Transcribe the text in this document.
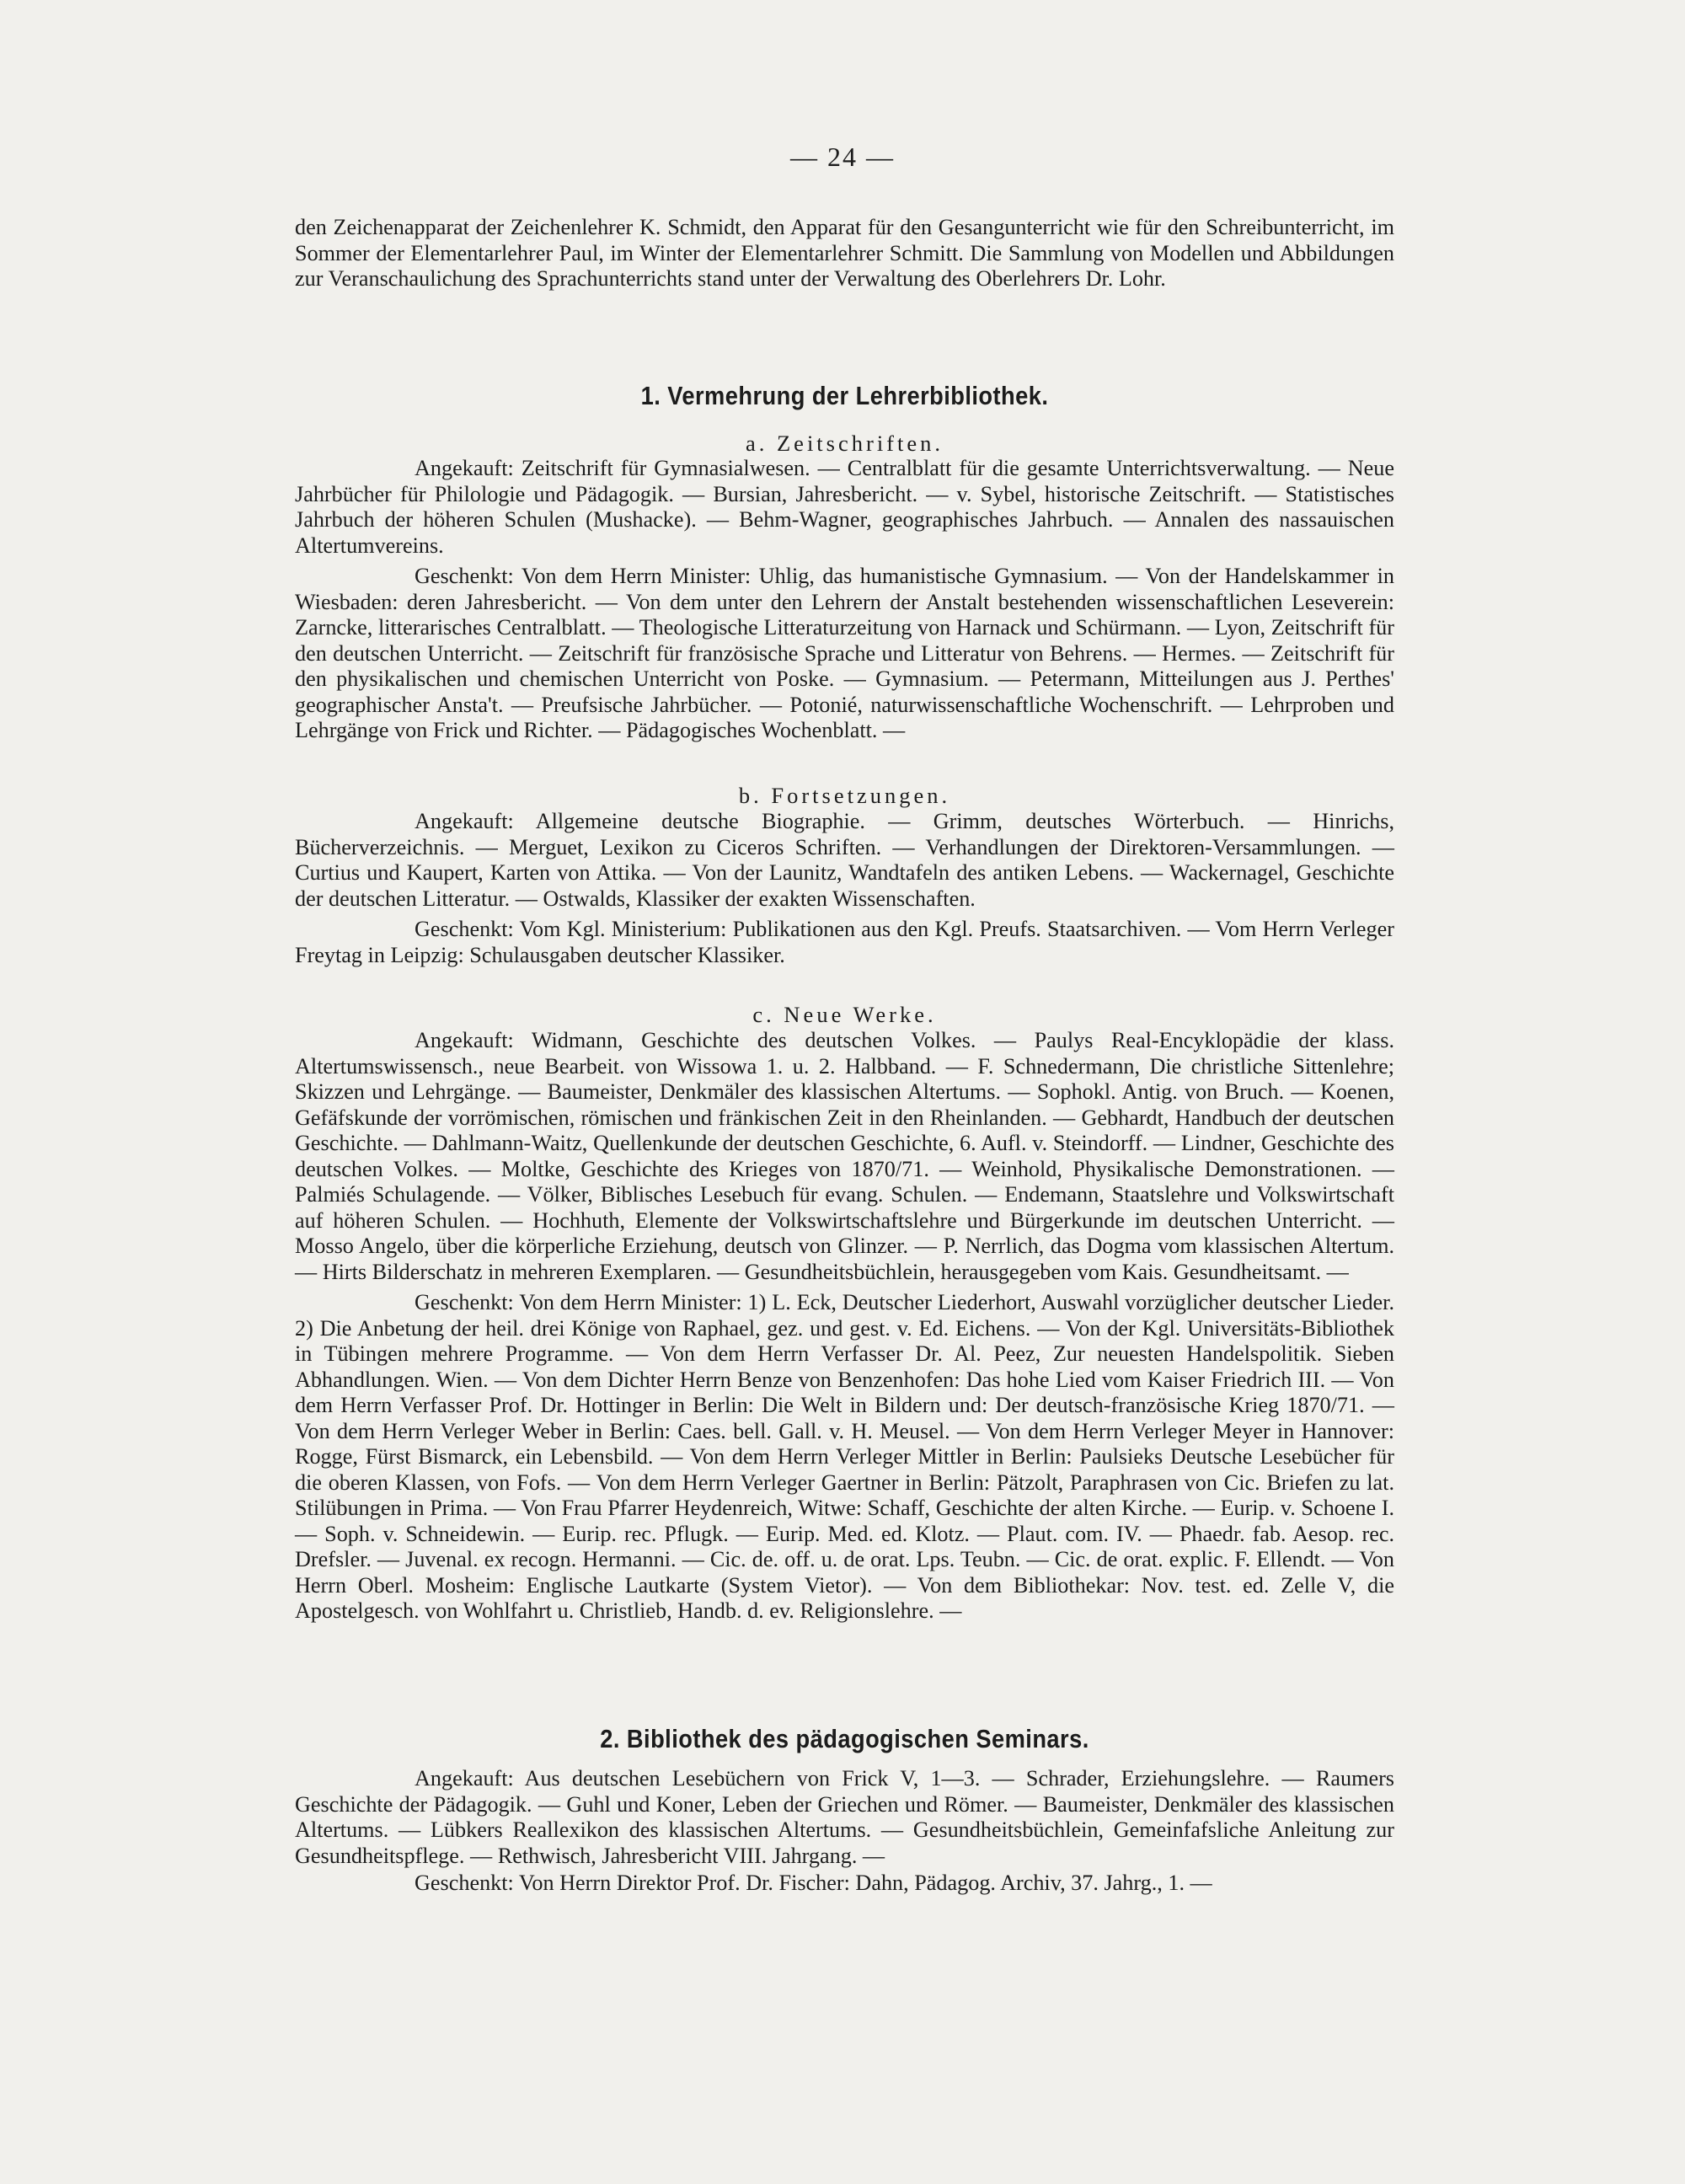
— 24 —

den Zeichenapparat der Zeichenlehrer K. Schmidt, den Apparat für den Gesangunterricht wie für den Schreibunterricht, im Sommer der Elementarlehrer Paul, im Winter der Elementarlehrer Schmitt. Die Sammlung von Modellen und Abbildungen zur Veranschaulichung des Sprachunterrichts stand unter der Verwaltung des Oberlehrers Dr. Lohr.

1. Vermehrung der Lehrerbibliothek.
a. Zeitschriften.

Angekauft: Zeitschrift für Gymnasialwesen. — Centralblatt für die gesamte Unterrichtsverwaltung. — Neue Jahrbücher für Philologie und Pädagogik. — Bursian, Jahresbericht. — v. Sybel, historische Zeitschrift. — Statistisches Jahrbuch der höheren Schulen (Mushacke). — Behm-Wagner, geographisches Jahrbuch. — Annalen des nassauischen Altertumvereins.

Geschenkt: Von dem Herrn Minister: Uhlig, das humanistische Gymnasium. — Von der Handelskammer in Wiesbaden: deren Jahresbericht. — Von dem unter den Lehrern der Anstalt bestehenden wissenschaftlichen Leseverein: Zarncke, litterarisches Centralblatt. — Theologische Litteraturzeitung von Harnack und Schürmann. — Lyon, Zeitschrift für den deutschen Unterricht. — Zeitschrift für französische Sprache und Litteratur von Behrens. — Hermes. — Zeitschrift für den physikalischen und chemischen Unterricht von Poske. — Gymnasium. — Petermann, Mitteilungen aus J. Perthes' geographischer Ansta't. — Preufsische Jahrbücher. — Potonié, naturwissenschaftliche Wochenschrift. — Lehrproben und Lehrgänge von Frick und Richter. — Pädagogisches Wochenblatt. —

b. Fortsetzungen.

Angekauft: Allgemeine deutsche Biographie. — Grimm, deutsches Wörterbuch. — Hinrichs, Bücherverzeichnis. — Merguet, Lexikon zu Ciceros Schriften. — Verhandlungen der Direktoren-Versammlungen. — Curtius und Kaupert, Karten von Attika. — Von der Launitz, Wandtafeln des antiken Lebens. — Wackernagel, Geschichte der deutschen Litteratur. — Ostwalds, Klassiker der exakten Wissenschaften.

Geschenkt: Vom Kgl. Ministerium: Publikationen aus den Kgl. Preufs. Staatsarchiven. — Vom Herrn Verleger Freytag in Leipzig: Schulausgaben deutscher Klassiker.

c. Neue Werke.

Angekauft: Widmann, Geschichte des deutschen Volkes. — Paulys Real-Encyklopädie der klass. Altertumswissensch., neue Bearbeit. von Wissowa 1. u. 2. Halbband. — F. Schnedermann, Die christliche Sittenlehre; Skizzen und Lehrgänge. — Baumeister, Denkmäler des klassischen Altertums. — Sophokl. Antig. von Bruch. — Koenen, Gefäfskunde der vorrömischen, römischen und fränkischen Zeit in den Rheinlanden. — Gebhardt, Handbuch der deutschen Geschichte. — Dahlmann-Waitz, Quellenkunde der deutschen Geschichte, 6. Aufl. v. Steindorff. — Lindner, Geschichte des deutschen Volkes. — Moltke, Geschichte des Krieges von 1870/71. — Weinhold, Physikalische Demonstrationen. — Palmiés Schulagende. — Völker, Biblisches Lesebuch für evang. Schulen. — Endemann, Staatslehre und Volkswirtschaft auf höheren Schulen. — Hochhuth, Elemente der Volkswirtschaftslehre und Bürgerkunde im deutschen Unterricht. — Mosso Angelo, über die körperliche Erziehung, deutsch von Glinzer. — P. Nerrlich, das Dogma vom klassischen Altertum. — Hirts Bilderschatz in mehreren Exemplaren. — Gesundheitsbüchlein, herausgegeben vom Kais. Gesundheitsamt. —

Geschenkt: Von dem Herrn Minister: 1) L. Eck, Deutscher Liederhort, Auswahl vorzüglicher deutscher Lieder. 2) Die Anbetung der heil. drei Könige von Raphael, gez. und gest. v. Ed. Eichens. — Von der Kgl. Universitäts-Bibliothek in Tübingen mehrere Programme. — Von dem Herrn Verfasser Dr. Al. Peez, Zur neuesten Handelspolitik. Sieben Abhandlungen. Wien. — Von dem Dichter Herrn Benze von Benzenhofen: Das hohe Lied vom Kaiser Friedrich III. — Von dem Herrn Verfasser Prof. Dr. Hottinger in Berlin: Die Welt in Bildern und: Der deutsch-französische Krieg 1870/71. — Von dem Herrn Verleger Weber in Berlin: Caes. bell. Gall. v. H. Meusel. — Von dem Herrn Verleger Meyer in Hannover: Rogge, Fürst Bismarck, ein Lebensbild. — Von dem Herrn Verleger Mittler in Berlin: Paulsieks Deutsche Lesebücher für die oberen Klassen, von Fofs. — Von dem Herrn Verleger Gaertner in Berlin: Pätzolt, Paraphrasen von Cic. Briefen zu lat. Stilübungen in Prima. — Von Frau Pfarrer Heydenreich, Witwe: Schaff, Geschichte der alten Kirche. — Eurip. v. Schoene I. — Soph. v. Schneidewin. — Eurip. rec. Pflugk. — Eurip. Med. ed. Klotz. — Plaut. com. IV. — Phaedr. fab. Aesop. rec. Drefsler. — Juvenal. ex recogn. Hermanni. — Cic. de. off. u. de orat. Lps. Teubn. — Cic. de orat. explic. F. Ellendt. — Von Herrn Oberl. Mosheim: Englische Lautkarte (System Vietor). — Von dem Bibliothekar: Nov. test. ed. Zelle V, die Apostelgesch. von Wohlfahrt u. Christlieb, Handb. d. ev. Religionslehre. —

2. Bibliothek des pädagogischen Seminars.

Angekauft: Aus deutschen Lesebüchern von Frick V, 1—3. — Schrader, Erziehungslehre. — Raumers Geschichte der Pädagogik. — Guhl und Koner, Leben der Griechen und Römer. — Baumeister, Denkmäler des klassischen Altertums. — Lübkers Reallexikon des klassischen Altertums. — Gesundheitsbüchlein, Gemeinfafsliche Anleitung zur Gesundheitspflege. — Rethwisch, Jahresbericht VIII. Jahrgang. —

Geschenkt: Von Herrn Direktor Prof. Dr. Fischer: Dahn, Pädagog. Archiv, 37. Jahrg., 1. —
